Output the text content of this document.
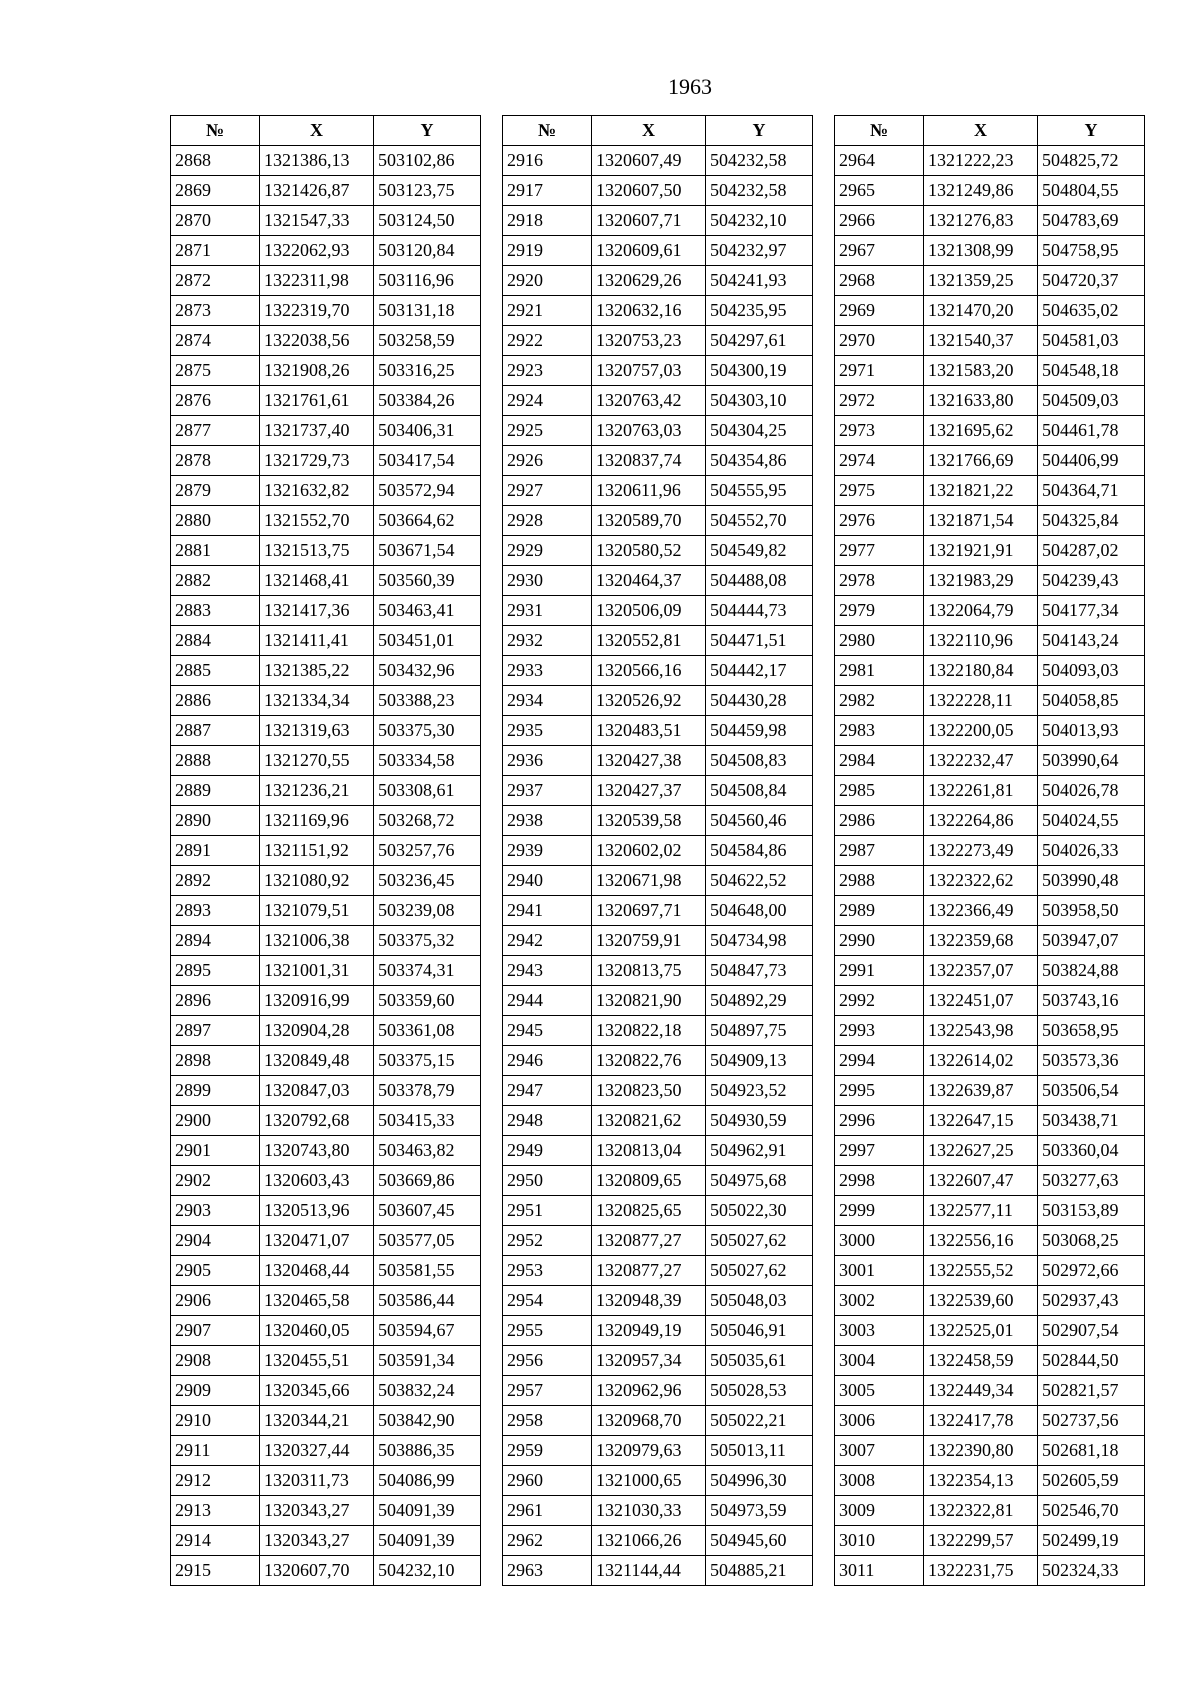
1963
№	X	Y
2868	1321386,13	503102,86
2869	1321426,87	503123,75
2870	1321547,33	503124,50
2871	1322062,93	503120,84
2872	1322311,98	503116,96
2873	1322319,70	503131,18
2874	1322038,56	503258,59
2875	1321908,26	503316,25
2876	1321761,61	503384,26
2877	1321737,40	503406,31
2878	1321729,73	503417,54
2879	1321632,82	503572,94
2880	1321552,70	503664,62
2881	1321513,75	503671,54
2882	1321468,41	503560,39
2883	1321417,36	503463,41
2884	1321411,41	503451,01
2885	1321385,22	503432,96
2886	1321334,34	503388,23
2887	1321319,63	503375,30
2888	1321270,55	503334,58
2889	1321236,21	503308,61
2890	1321169,96	503268,72
2891	1321151,92	503257,76
2892	1321080,92	503236,45
2893	1321079,51	503239,08
2894	1321006,38	503375,32
2895	1321001,31	503374,31
2896	1320916,99	503359,60
2897	1320904,28	503361,08
2898	1320849,48	503375,15
2899	1320847,03	503378,79
2900	1320792,68	503415,33
2901	1320743,80	503463,82
2902	1320603,43	503669,86
2903	1320513,96	503607,45
2904	1320471,07	503577,05
2905	1320468,44	503581,55
2906	1320465,58	503586,44
2907	1320460,05	503594,67
2908	1320455,51	503591,34
2909	1320345,66	503832,24
2910	1320344,21	503842,90
2911	1320327,44	503886,35
2912	1320311,73	504086,99
2913	1320343,27	504091,39
2914	1320343,27	504091,39
2915	1320607,70	504232,10
№	X	Y
2916	1320607,49	504232,58
2917	1320607,50	504232,58
2918	1320607,71	504232,10
2919	1320609,61	504232,97
2920	1320629,26	504241,93
2921	1320632,16	504235,95
2922	1320753,23	504297,61
2923	1320757,03	504300,19
2924	1320763,42	504303,10
2925	1320763,03	504304,25
2926	1320837,74	504354,86
2927	1320611,96	504555,95
2928	1320589,70	504552,70
2929	1320580,52	504549,82
2930	1320464,37	504488,08
2931	1320506,09	504444,73
2932	1320552,81	504471,51
2933	1320566,16	504442,17
2934	1320526,92	504430,28
2935	1320483,51	504459,98
2936	1320427,38	504508,83
2937	1320427,37	504508,84
2938	1320539,58	504560,46
2939	1320602,02	504584,86
2940	1320671,98	504622,52
2941	1320697,71	504648,00
2942	1320759,91	504734,98
2943	1320813,75	504847,73
2944	1320821,90	504892,29
2945	1320822,18	504897,75
2946	1320822,76	504909,13
2947	1320823,50	504923,52
2948	1320821,62	504930,59
2949	1320813,04	504962,91
2950	1320809,65	504975,68
2951	1320825,65	505022,30
2952	1320877,27	505027,62
2953	1320877,27	505027,62
2954	1320948,39	505048,03
2955	1320949,19	505046,91
2956	1320957,34	505035,61
2957	1320962,96	505028,53
2958	1320968,70	505022,21
2959	1320979,63	505013,11
2960	1321000,65	504996,30
2961	1321030,33	504973,59
2962	1321066,26	504945,60
2963	1321144,44	504885,21
№	X	Y
2964	1321222,23	504825,72
2965	1321249,86	504804,55
2966	1321276,83	504783,69
2967	1321308,99	504758,95
2968	1321359,25	504720,37
2969	1321470,20	504635,02
2970	1321540,37	504581,03
2971	1321583,20	504548,18
2972	1321633,80	504509,03
2973	1321695,62	504461,78
2974	1321766,69	504406,99
2975	1321821,22	504364,71
2976	1321871,54	504325,84
2977	1321921,91	504287,02
2978	1321983,29	504239,43
2979	1322064,79	504177,34
2980	1322110,96	504143,24
2981	1322180,84	504093,03
2982	1322228,11	504058,85
2983	1322200,05	504013,93
2984	1322232,47	503990,64
2985	1322261,81	504026,78
2986	1322264,86	504024,55
2987	1322273,49	504026,33
2988	1322322,62	503990,48
2989	1322366,49	503958,50
2990	1322359,68	503947,07
2991	1322357,07	503824,88
2992	1322451,07	503743,16
2993	1322543,98	503658,95
2994	1322614,02	503573,36
2995	1322639,87	503506,54
2996	1322647,15	503438,71
2997	1322627,25	503360,04
2998	1322607,47	503277,63
2999	1322577,11	503153,89
3000	1322556,16	503068,25
3001	1322555,52	502972,66
3002	1322539,60	502937,43
3003	1322525,01	502907,54
3004	1322458,59	502844,50
3005	1322449,34	502821,57
3006	1322417,78	502737,56
3007	1322390,80	502681,18
3008	1322354,13	502605,59
3009	1322322,81	502546,70
3010	1322299,57	502499,19
3011	1322231,75	502324,33
